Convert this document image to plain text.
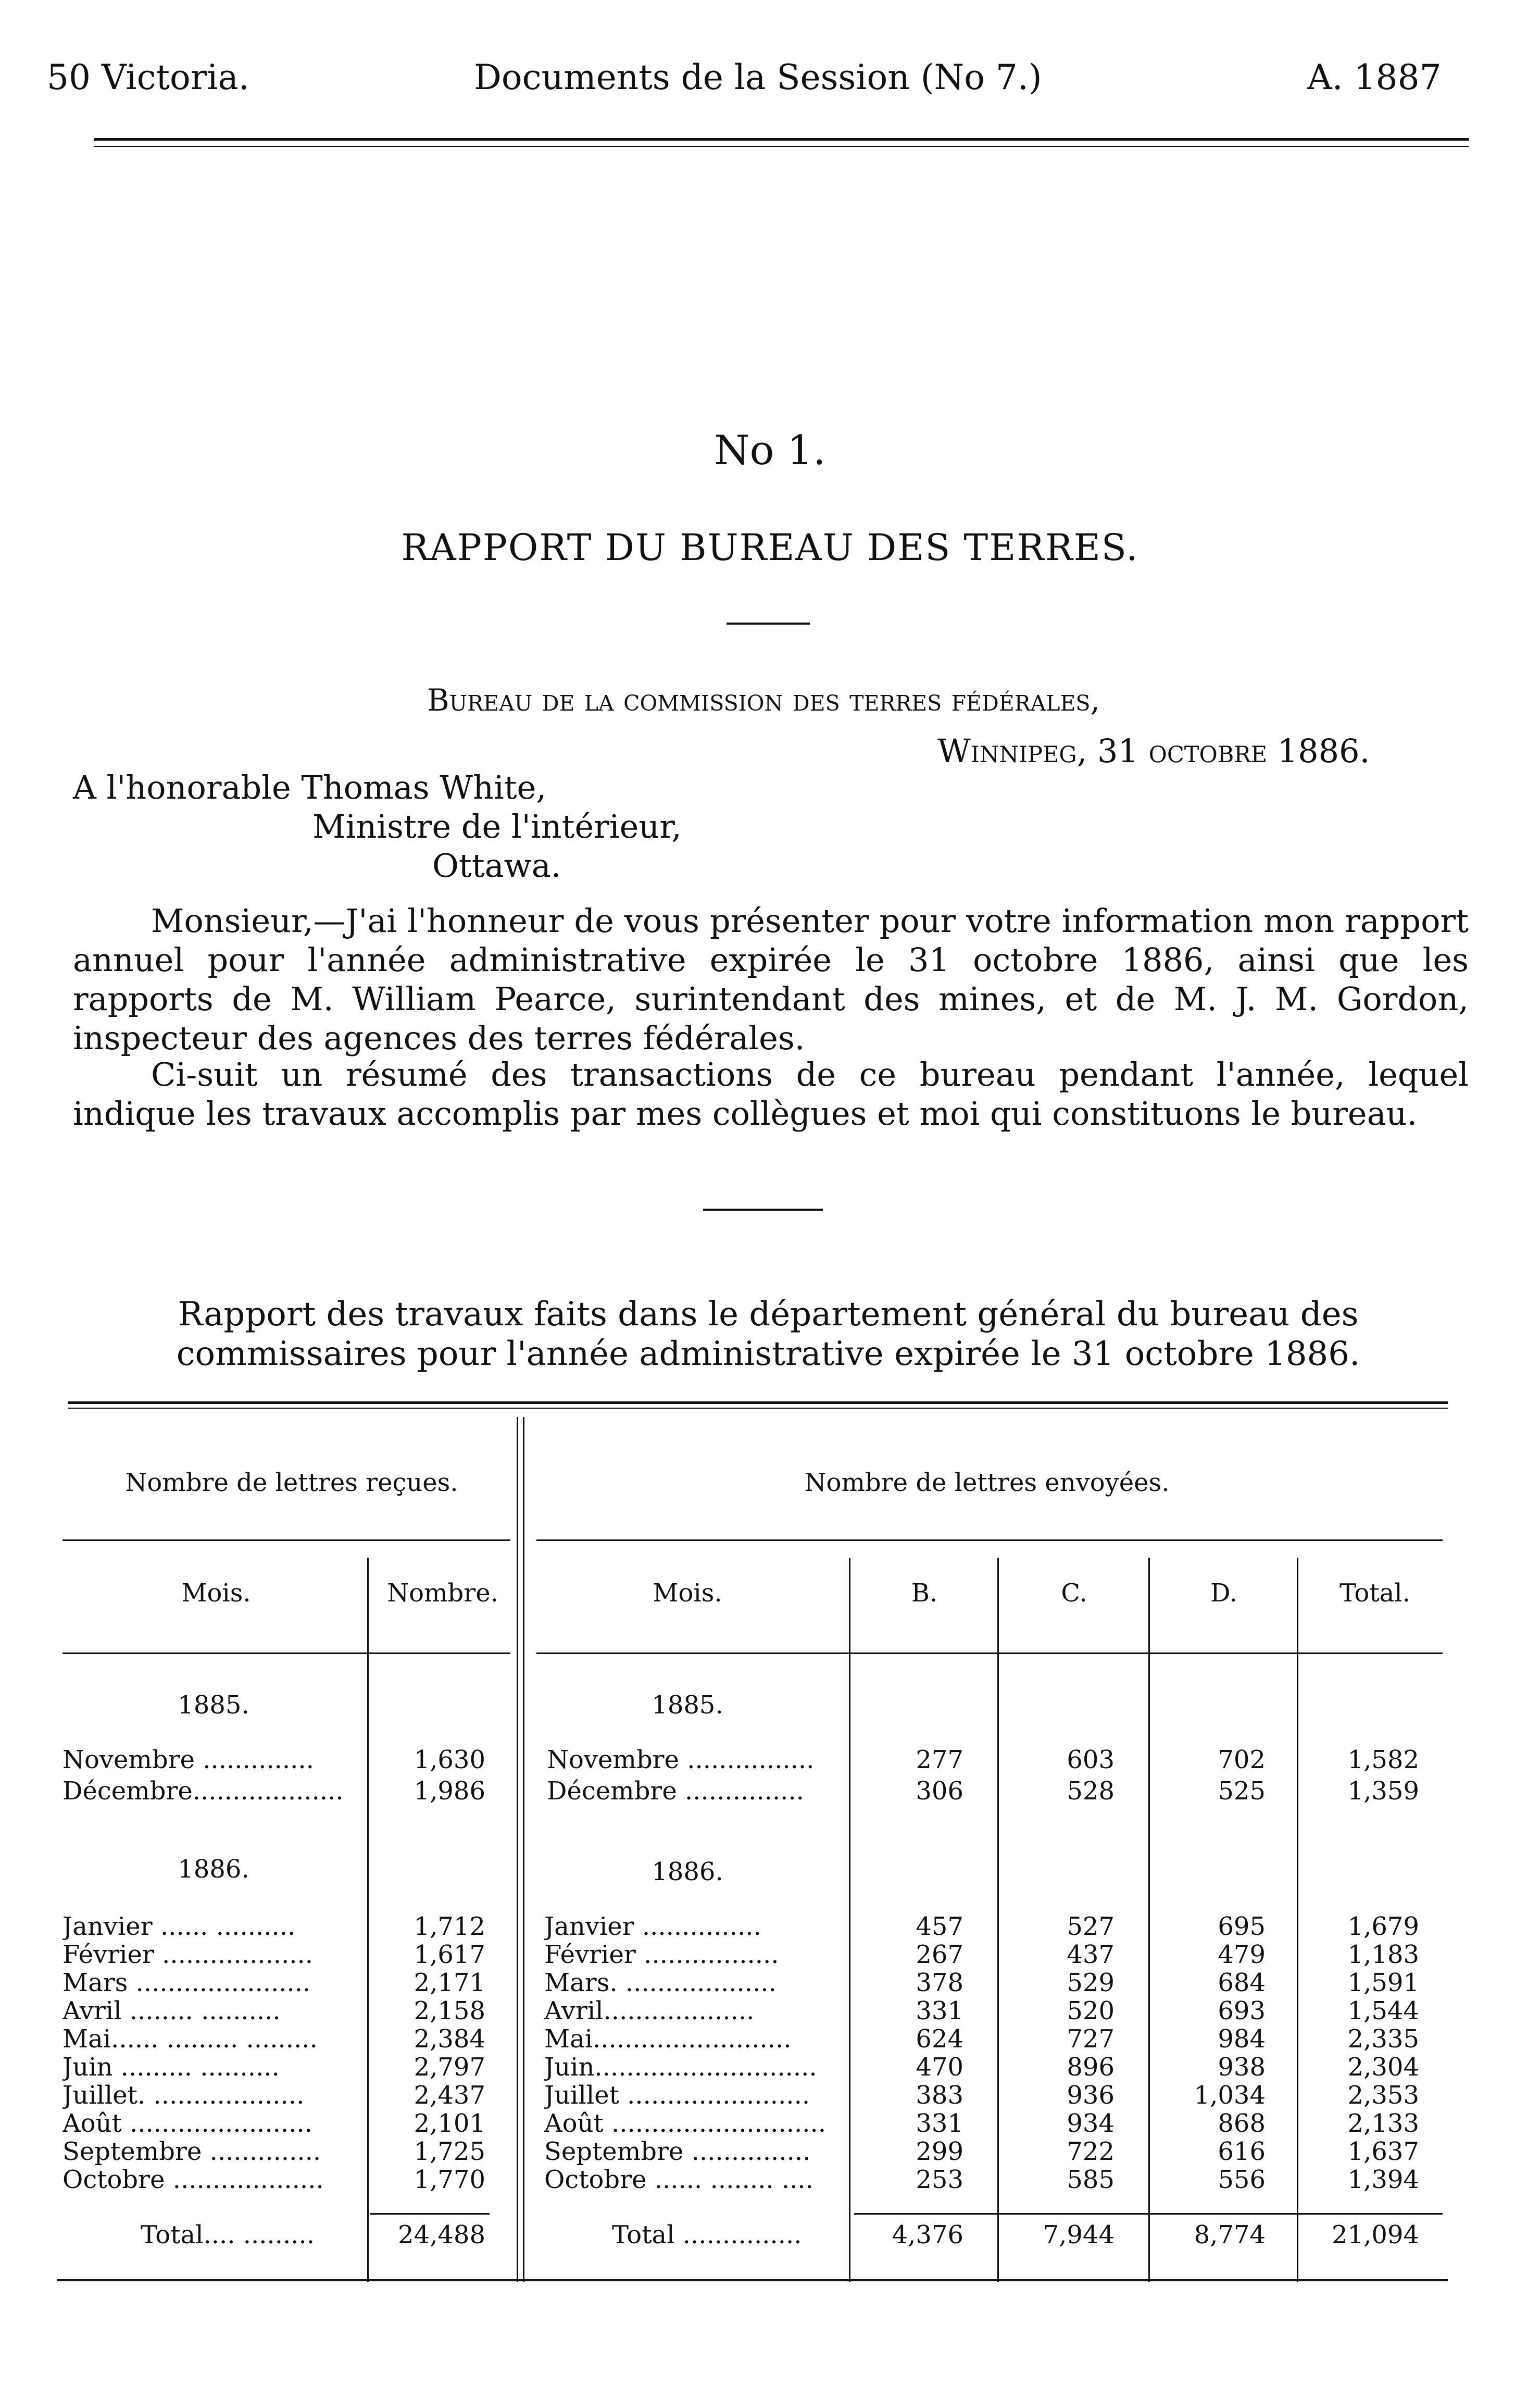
50 Victoria.	Documents de la Session (No 7.)	A. 1887
No 1.
RAPPORT DU BUREAU DES TERRES.
Bureau de la commission des terres fédérales,
Winnipeg, 31 octobre 1886.
A l'honorable Thomas White,
Ministre de l'intérieur,
Ottawa.
Monsieur,—J'ai l'honneur de vous présenter pour votre information mon rapport annuel pour l'année administrative expirée le 31 octobre 1886, ainsi que les rapports de M. William Pearce, surintendant des mines, et de M. J. M. Gordon, inspecteur des agences des terres fédérales.
Ci-suit un résumé des transactions de ce bureau pendant l'année, lequel indique les travaux accomplis par mes collègues et moi qui constituons le bureau.
Rapport des travaux faits dans le département général du bureau des commissaires pour l'année administrative expirée le 31 octobre 1886.
Nombre de lettres reçues.	Nombre de lettres envoyées.
Mois.	Nombre.	Mois.	B.	C.	D.	Total.
1885.	1885.
Novembre ..............	1,630 Novembre ................	277	603	702	1,582
Décembre...................	1,986 Décembre ...............	306	528	525	1,359
1886.	1886.
Janvier ...... ..........	1,712 Janvier ...............	457	527	695	1,679
Février ...................	1,617 Février .................	267	437	479	1,183
Mars ......................	2,171 Mars. ...................	378	529	684	1,591
Avril ........ ..........	2,158 Avril...................	331	520	693	1,544
Mai...... ......... .........	2,384 Mai.........................	624	727	984	2,335
Juin ......... ..........	2,797 Juin............................	470	896	938	2,304
Juillet. ...................	2,437 Juillet .......................	383	936	1,034	2,353
Août .......................	2,101 Août ...........................	331	934	868	2,133
Septembre ..............	1,725 Septembre ...............	299	722	616	1,637
Octobre ...................	1,770 Octobre ...... ........ ....	253	585	556	1,394
Total.... .........	24,488	Total ...............	4,376	7,944	8,774	21,094
